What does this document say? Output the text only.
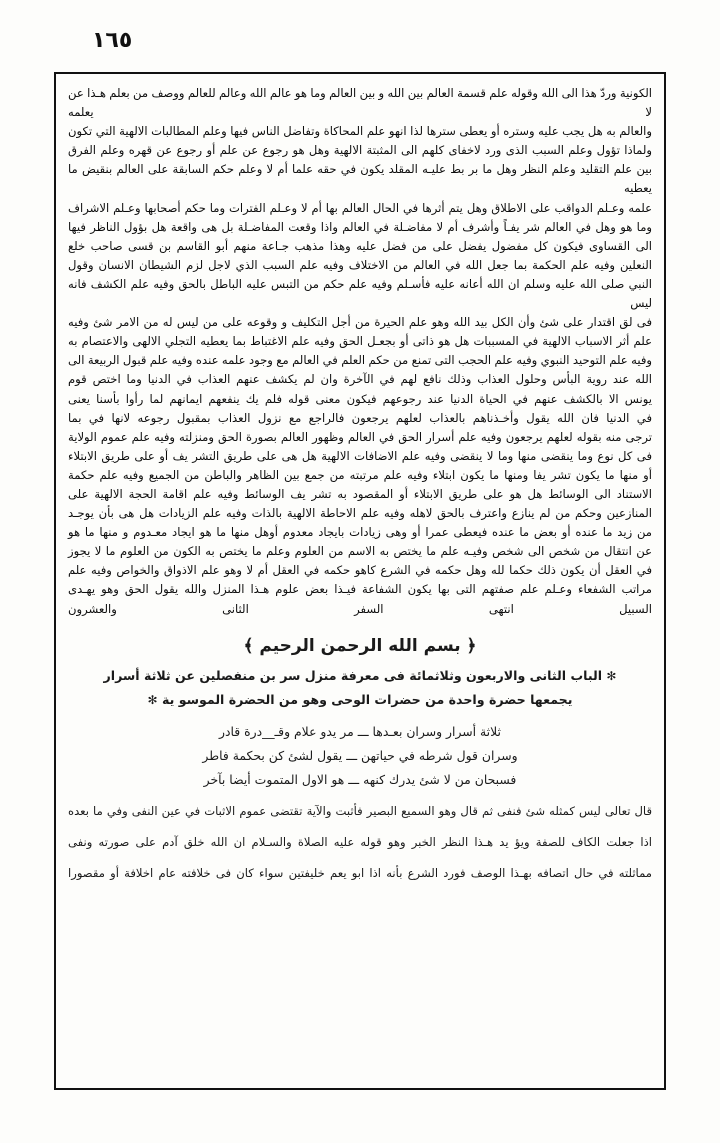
١٦٥

الكونية وردّ هذا الى الله وقوله علم قسمة العالم بين الله و بين العالم وما هو عالم الله وعالم للعالم ووصف من بعلم هـذا عن لا يعلمه

والعالم به هل يجب عليه وستره أو يعطى سترها لذا انهو علم المحاكاة وتفاضل الناس فيها وعلم المطالبات الالهية التي تكون

ولماذا تؤول وعلم السبب الذى ورد لاخفاى كلهم الى المثبتة الالهية وهل هو رجوع عن علم أو رجوع عن قهره وعلم الفرق

بين علم التقليد وعلم النظر وهل ما بر بط عليـه المقلد يكون في حقه علما أم لا وعلم حكم السابقة على العالم بنقيض ما يعطيه

علمه وعـلم الدواقب على الاطلاق وهل يتم أثرها في الحال العالم بها أم لا وعـلم الفترات وما حكم أصحابها وعـلم الاشراف

وما هو وهل في العالم شر يفـاً وأشرف أم لا مفاضـلة في العالم واذا وقعت المفاضـلة بل هى واقعة هل بؤول الناظر فيها

الى القساوى فيكون كل مفضول يفضل على من فضل عليه وهذا مذهب جـاعة منهم أبو القاسم بن قسى صاحب خلع

النعلين وفيه علم الحكمة بما جعل الله في العالم من الاختلاف وفيه علم السبب الذي لاجل لزم الشيطان الانسان وقول

النبي صلى الله عليه وسلم ان الله أعانه عليه فأسـلم وفيه علم حكم من التبس عليه الباطل بالحق وفيه علم الكشف فانه ليس

فى لق اقتدار على شئ وأن الكل بيد الله وهو علم الحيرة من أجل التكليف و وقوعه على من ليس له من الامر شئ وفيه

علم أثر الاسباب الالهية في المسببات هل هو ذاتى أو بجعـل الحق وفيه علم الاغتباط بما يعطيه التجلي الالهى والاعتصام به

وفيه علم التوحيد النبوي وفيه علم الحجب التى تمنع من حكم العلم في العالم مع وجود علمه عنده وفيه علم قبول الربيعة الى

الله عند روية البأس وحلول العذاب وذلك نافع لهم في الآخرة وان لم يكشف عنهم العذاب في الدنيا وما اختص قوم

يونس الا بالكشف عنهم في الحياة الدنيا عند رجوعهم فيكون معنى قوله فلم يك ينفعهم ايمانهم لما رأوا بأسنا يعنى

في الدنيا فان الله يقول وأخـذناهم بالعذاب لعلهم يرجعون فالراجع مع نزول العذاب بمقبول رجوعه لانها في بما

ترجى منه بقوله لعلهم يرجعون وفيه علم أسرار الحق في العالم وظهور العالم بصورة الحق ومنزلته وفيه علم عموم الولاية

فى كل نوع وما ينقضى منها وما لا ينقضى وفيه علم الاضافات الالهية هل هى على طريق التشر يف أو على طريق الابتلاء

أو منها ما يكون تشر يفا ومنها ما يكون ابتلاء وفيه علم مرتبته من جمع بين الظاهر والباطن من الجميع وفيه علم حكمة

الاستناد الى الوسائط هل هو على طريق الابتلاء أو المقصود به تشر يف الوسائط وفيه علم اقامة الحجة الالهية على

المنازعين وحكم من لم ينازع واعترف بالحق لاهله وفيه علم الاحاطة الالهية بالذات وفيه علم الزيادات هل هى بأن يوجـد

من زيد ما عنده أو بعض ما عنده فيعطى عمرا أو وهى زيادات بايجاد معدوم أوهل منها ما هو ايجاد معـدوم و منها ما هو

عن انتقال من شخص الى شخص وفيـه علم ما يختص به الاسم من العلوم وعلم ما يختص به الكون من العلوم ما لا يجوز

في العقل أن يكون ذلك حكما لله وهل حكمه في الشرع كاهو حكمه في العقل أم لا وهو علم الاذواق والخواص وفيه علم

مراتب الشفعاء وعـلم علم صفتهم التى بها يكون الشفاعة فيـذا بعض علوم هـذا المنزل والله يقول الحق وهو يهـدى

السبيل انتهى السفر الثانى والعشرون

﴿ بسم الله الرحمن الرحيم ﴾
✻ الباب الثانى والاربعون وثلاثمائة فى معرفة منزل سر بن منفصلين عن ثلاثة أسرار
يجمعها حضرة واحدة من حضرات الوحى وهو من الحضرة الموسو ية ✻
ثلاثة أسرار وسران بعـدها ـــ مر يدو علام وقـ__درة قادر
وسران قول شرطه في حياتهن ـــ يقول لشئ كن بحكمة فاطر
فسبحان من لا شئ يدرك كنهه ـــ هو الاول المتموت أيضا بآخر

قال تعالى ليس كمثله شئ فنفى ثم قال وهو السميع البصير فأثبت والآية تقتضى عموم الاثبات في عين النفى وفي ما بعده

اذا جعلت الكاف للصفة ويؤ يد هـذا النظر الخبر وهو قوله عليه الصلاة والسـلام ان الله خلق آدم على صورته ونفى

مماثلته في حال اتصافه بهـذا الوصف فورد الشرع بأنه اذا ابو يعم خليفتين سواء كان فى خلافته عام اخلافة أو مقصورا
